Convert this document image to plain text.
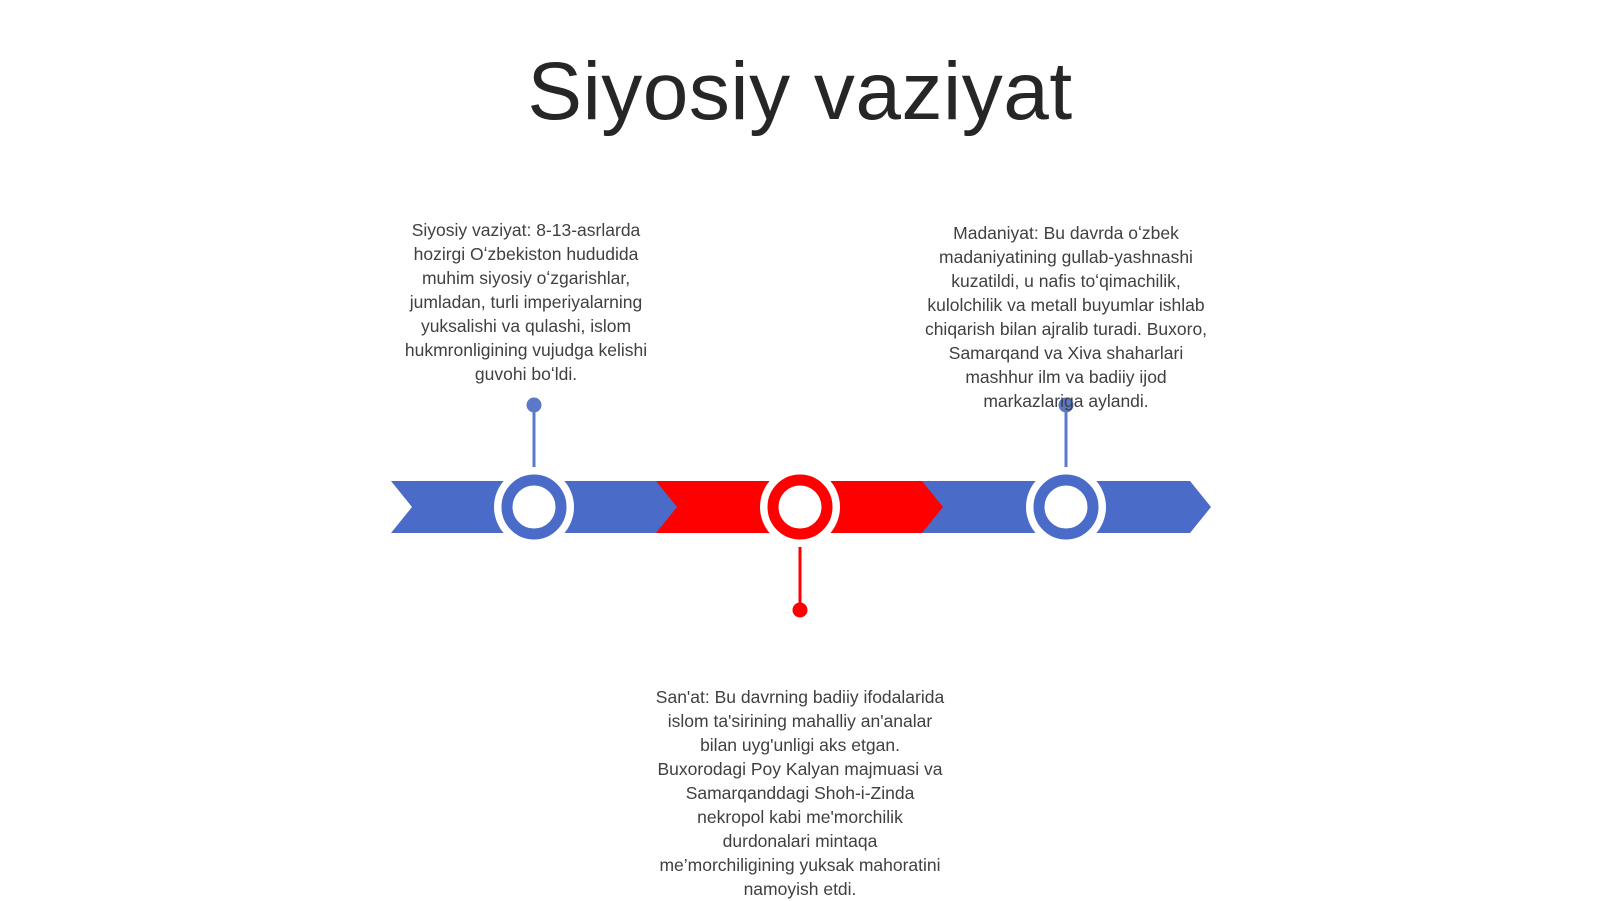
Siyosiy vaziyat
Siyosiy vaziyat: 8-13-asrlarda hozirgi Oʻzbekiston hududida muhim siyosiy oʻzgarishlar, jumladan, turli imperiyalarning yuksalishi va qulashi, islom hukmronligining vujudga kelishi guvohi boʻldi.
San'at: Bu davrning badiiy ifodalarida islom ta'sirining mahalliy an'analar bilan uyg'unligi aks etgan. Buxorodagi Poy Kalyan majmuasi va Samarqanddagi Shoh-i-Zinda nekropol kabi me'morchilik durdonalari mintaqa me’morchiligining yuksak mahoratini namoyish etdi.
Madaniyat: Bu davrda oʻzbek madaniyatining gullab-yashnashi kuzatildi, u nafis toʻqimachilik, kulolchilik va metall buyumlar ishlab chiqarish bilan ajralib turadi. Buxoro, Samarqand va Xiva shaharlari mashhur ilm va badiiy ijod markazlariga aylandi.
